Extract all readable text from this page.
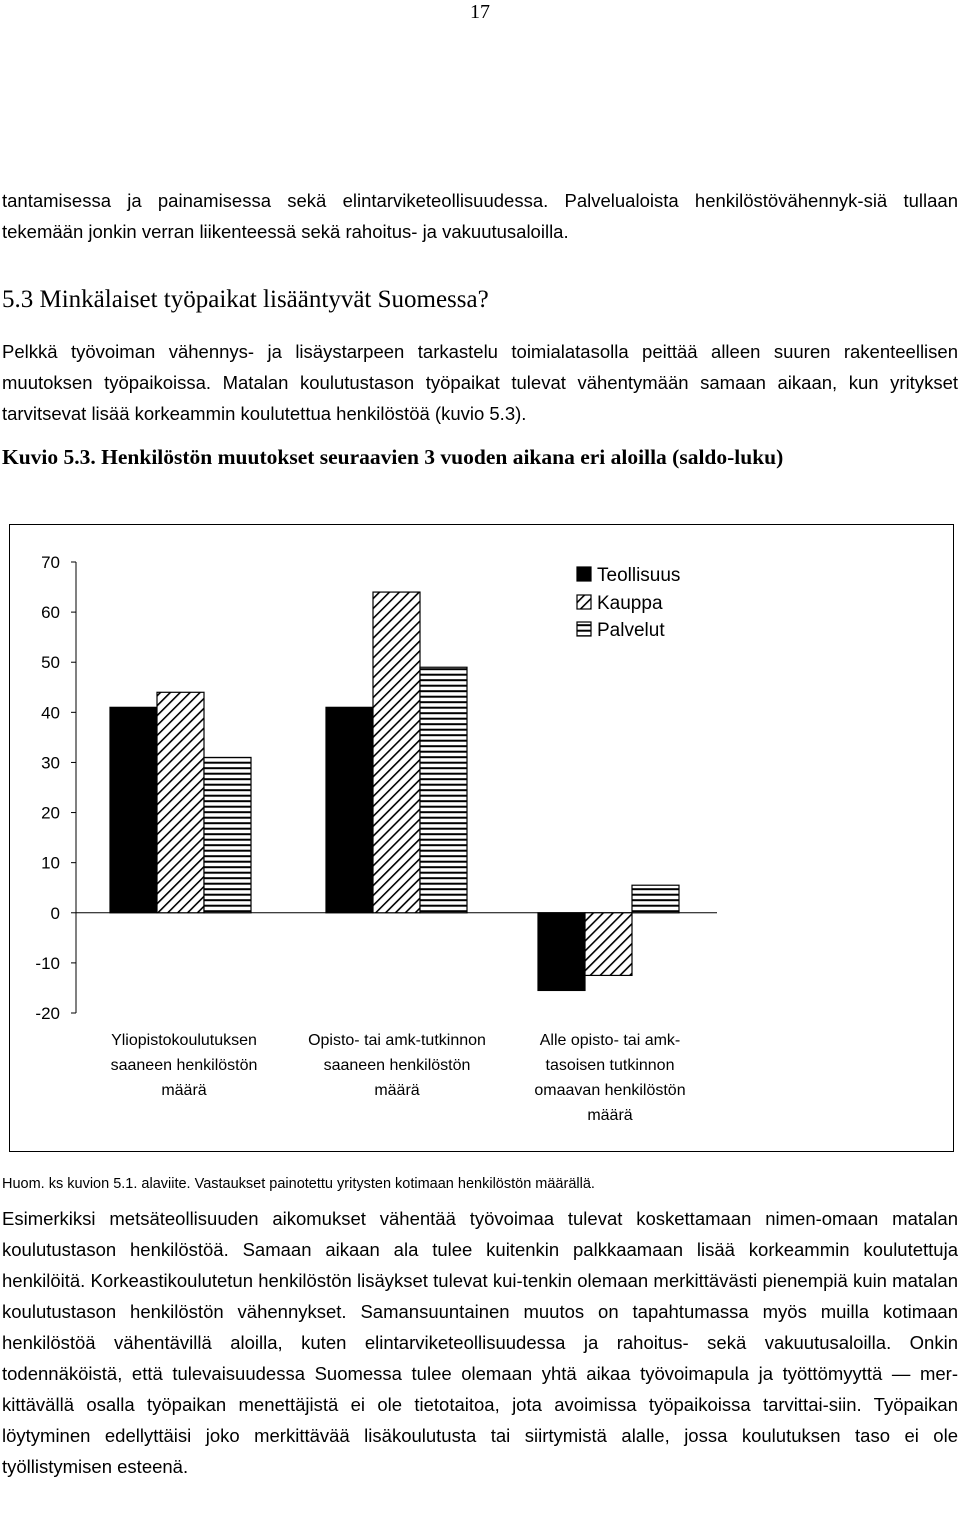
17

tantamisessa ja painamisessa sekä elintarviketeollisuudessa. Palvelualoista henkilöstövähennyk-siä tullaan tekemään jonkin verran liikenteessä sekä rahoitus- ja vakuutusaloilla.

5.3 Minkälaiset työpaikat lisääntyvät Suomessa?

Pelkkä työvoiman vähennys- ja lisäystarpeen tarkastelu toimialatasolla peittää alleen suuren rakenteellisen muutoksen työpaikoissa. Matalan koulutustason työpaikat tulevat vähentymään samaan aikaan, kun yritykset tarvitsevat lisää korkeammin koulutettua henkilöstöä (kuvio 5.3).

Kuvio 5.3. Henkilöstön muutokset seuraavien 3 vuoden aikana eri aloilla (saldo-luku)

70
60
50
40
30
20
10
0
-10
-20
Yliopistokoulutuksen
saaneen henkilöstön
määrä
Opisto- tai amk-tutkinnon
saaneen henkilöstön
määrä
Alle opisto- tai amk-
tasoisen tutkinnon
omaavan henkilöstön
määrä
Teollisuus
Kauppa
Palvelut

Huom. ks kuvion 5.1. alaviite. Vastaukset painotettu yritysten kotimaan henkilöstön määrällä.

Esimerkiksi metsäteollisuuden aikomukset vähentää työvoimaa tulevat koskettamaan nimen-omaan matalan koulutustason henkilöstöä. Samaan aikaan ala tulee kuitenkin palkkaamaan lisää korkeammin koulutettuja henkilöitä. Korkeastikoulutetun henkilöstön lisäykset tulevat kui-tenkin olemaan merkittävästi pienempiä kuin matalan koulutustason henkilöstön vähennykset. Samansuuntainen muutos on tapahtumassa myös muilla kotimaan henkilöstöä vähentävillä aloilla, kuten elintarviketeollisuudessa ja rahoitus- sekä vakuutusaloilla. Onkin todennäköistä, että tulevaisuudessa Suomessa tulee olemaan yhtä aikaa työvoimapula ja työttömyyttä — mer-kittävällä osalla työpaikan menettäjistä ei ole tietotaitoa, jota avoimissa työpaikoissa tarvittai-siin. Työpaikan löytyminen edellyttäisi joko merkittävää lisäkoulutusta tai siirtymistä alalle, jossa koulutuksen taso ei ole työllistymisen esteenä.
